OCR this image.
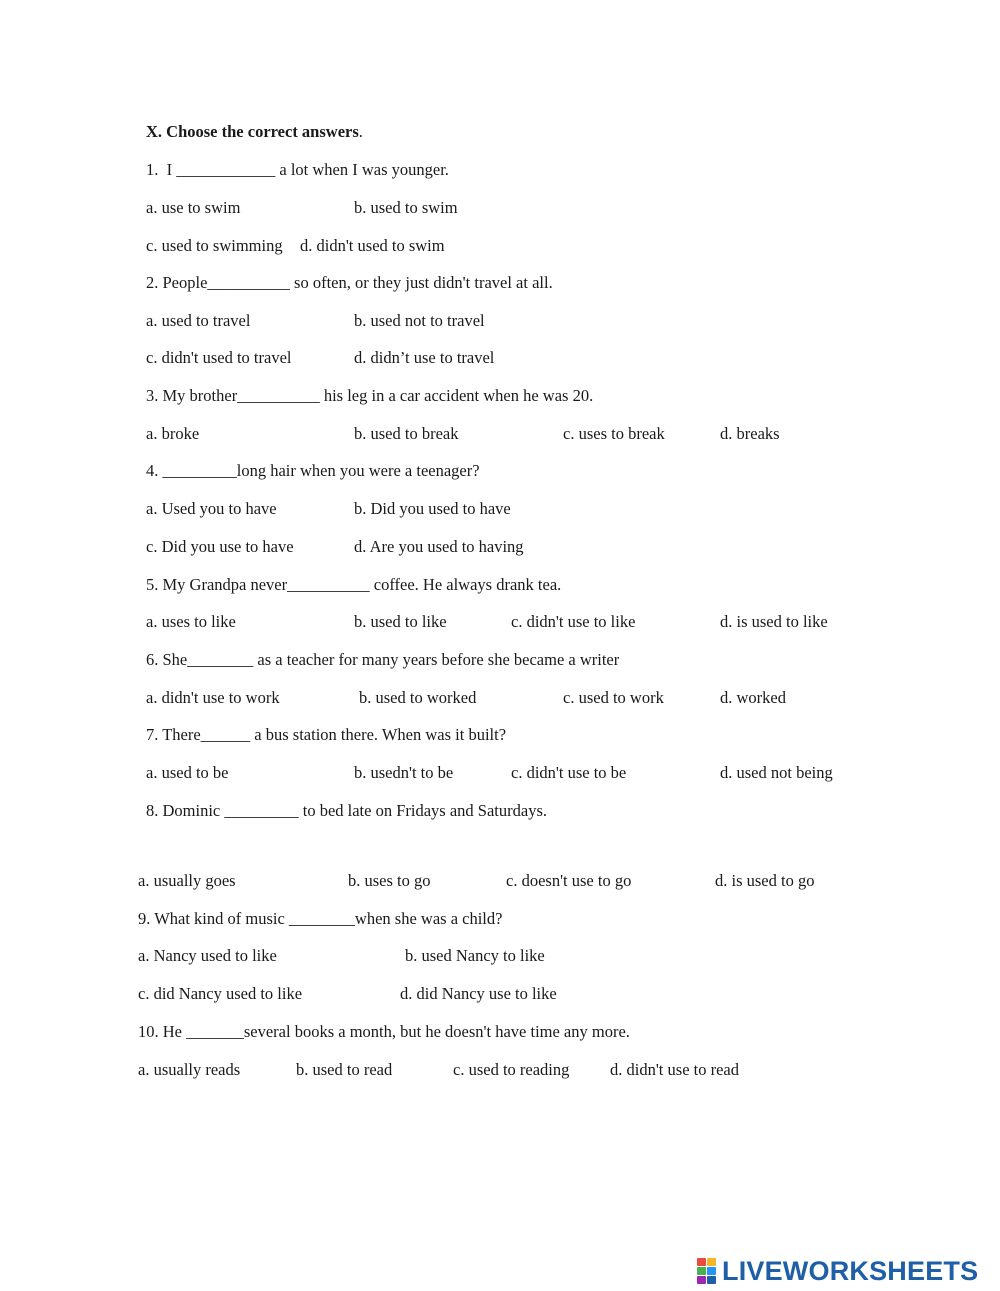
X. Choose the correct answers.
1.  I ____________ a lot when I was younger.
a. use to swim	b. used to swim
c. used to swimming d. didn't used to swim
2. People__________ so often, or they just didn't travel at all.
a. used to travel	b. used not to travel
c. didn't used to travel	d. didn’t use to travel
3. My brother__________ his leg in a car accident when he was 20.
a. broke	b. used to break	c. uses to break	d. breaks
4. _________long hair when you were a teenager?
a. Used you to have	b. Did you used to have
c. Did you use to have	d. Are you used to having
5. My Grandpa never__________ coffee. He always drank tea.
a. uses to like	b. used to like	c. didn't use to like	d. is used to like
6. She________ as a teacher for many years before she became a writer
a. didn't use to work	b. used to worked	c. used to work	d. worked
7. There______ a bus station there. When was it built?
a. used to be	b. usedn't to be	c. didn't use to be	d. used not being
8. Dominic _________ to bed late on Fridays and Saturdays.
a. usually goes	b. uses to go	c. doesn't use to go	d. is used to go
9. What kind of music ________when she was a child?
a. Nancy used to like	b. used Nancy to like
c. did Nancy used to like	d. did Nancy use to like
10. He _______several books a month, but he doesn't have time any more.
a. usually reads	b. used to read	c. used to reading d. didn't use to read
LIVEWORKSHEETS
